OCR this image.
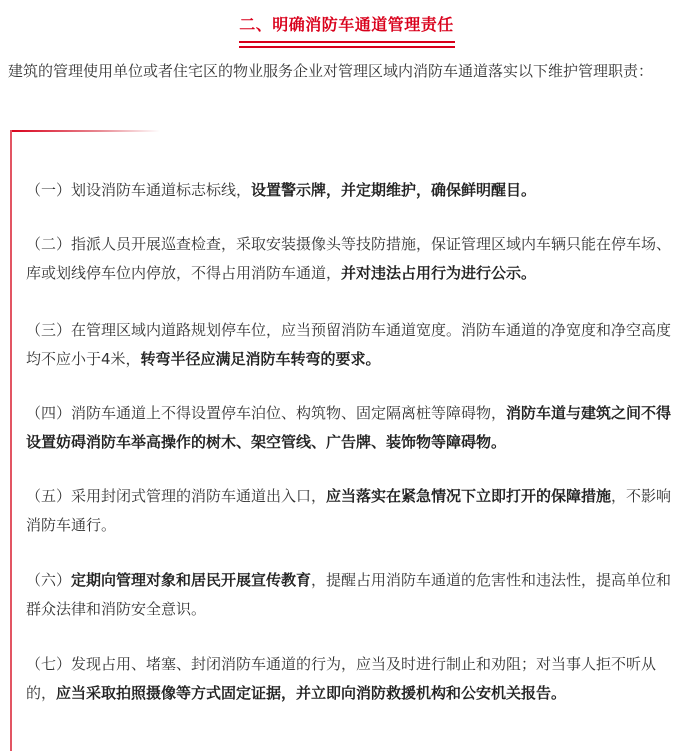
二、明确消防车通道管理责任

建筑的管理使用单位或者住宅区的物业服务企业对管理区域内消防车通道落实以下维护管理职责：

（一）划设消防车通道标志标线，设置警示牌，并定期维护，确保鲜明醒目。

（二）指派人员开展巡查检查，采取安装摄像头等技防措施，保证管理区域内车辆只能在停车场、库或划线停车位内停放，不得占用消防车通道，并对违法占用行为进行公示。

（三）在管理区域内道路规划停车位，应当预留消防车通道宽度。消防车通道的净宽度和净空高度均不应小于4米，转弯半径应满足消防车转弯的要求。

（四）消防车通道上不得设置停车泊位、构筑物、固定隔离桩等障碍物，消防车道与建筑之间不得设置妨碍消防车举高操作的树木、架空管线、广告牌、装饰物等障碍物。

（五）采用封闭式管理的消防车通道出入口，应当落实在紧急情况下立即打开的保障措施，不影响消防车通行。

（六）定期向管理对象和居民开展宣传教育，提醒占用消防车通道的危害性和违法性，提高单位和群众法律和消防安全意识。

（七）发现占用、堵塞、封闭消防车通道的行为，应当及时进行制止和劝阻；对当事人拒不听从的，应当采取拍照摄像等方式固定证据，并立即向消防救援机构和公安机关报告。
